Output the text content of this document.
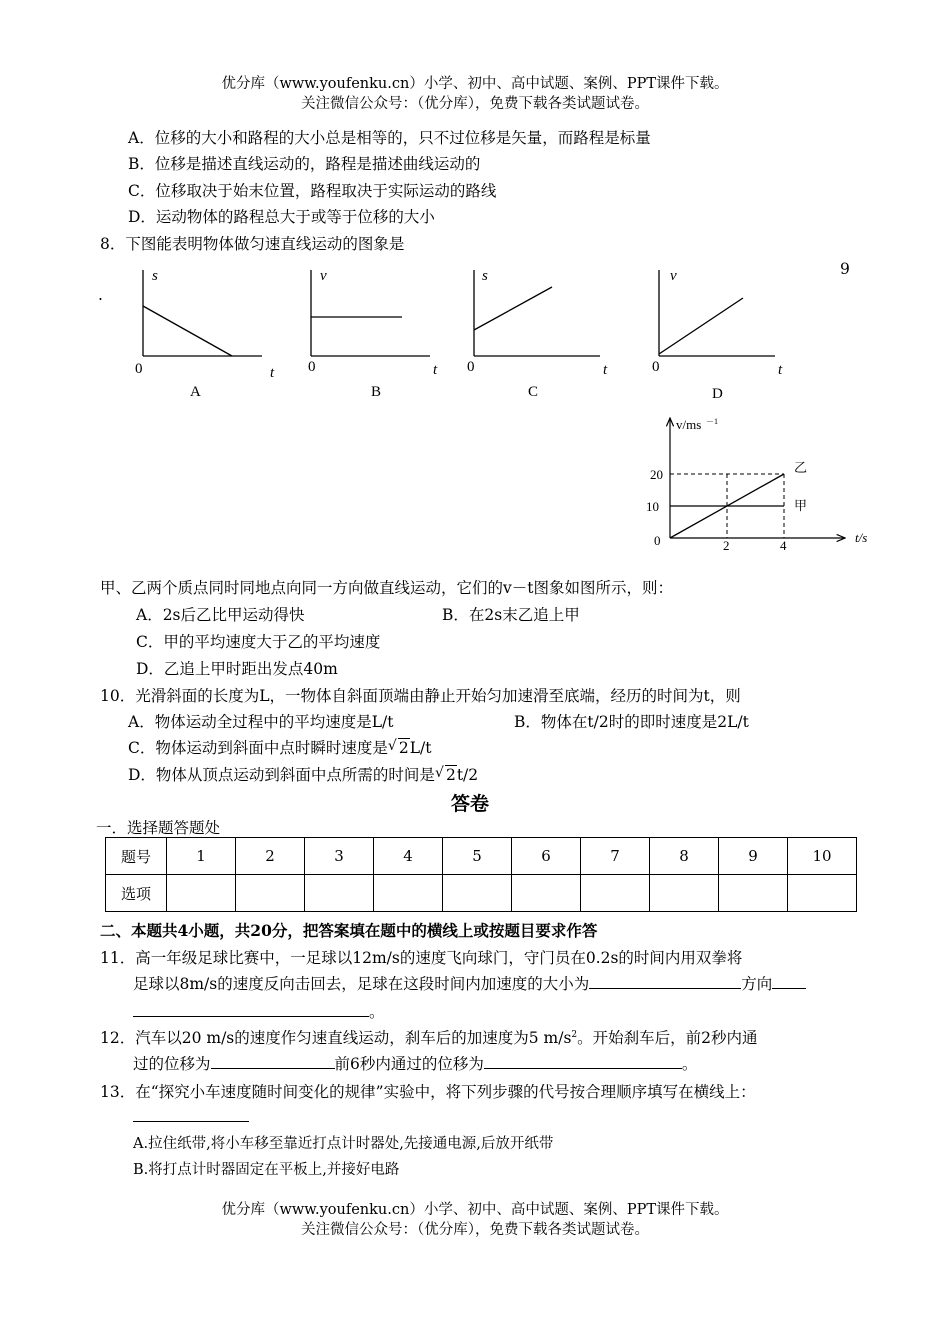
优分库（www.youfenku.cn）小学、初中、高中试题、案例、PPT课件下载。
关注微信公众号：（优分库），免费下载各类试题试卷。
A．位移的大小和路程的大小总是相等的，只不过位移是矢量，而路程是标量
B．位移是描述直线运动的，路程是描述曲线运动的
C．位移取决于始末位置，路程取决于实际运动的路线
D．运动物体的路程总大于或等于位移的大小
8．下图能表明物体做匀速直线运动的图象是
.
9
s
t
0
A
v
t
0
B
s
t
0
C
v
t
0
D
v/ms －1
t/s
20
10
0	2	4
乙
甲
甲、乙两个质点同时同地点向同一方向做直线运动，它们的v－t图象如图所示，则：
A．2s后乙比甲运动得快	B．在2s末乙追上甲
C．甲的平均速度大于乙的平均速度
D．乙追上甲时距出发点40m
10．光滑斜面的长度为L，一物体自斜面顶端由静止开始匀加速滑至底端，经历的时间为t，则
A．物体运动全过程中的平均速度是L/t	B．物体在t/2时的即时速度是2L/t
C．物体运动到斜面中点时瞬时速度是 √ 2L/t
D．物体从顶点运动到斜面中点所需的时间是 √ 2t/2
答卷
一．选择题答题处
题号	1	2	3	4	5	6	7	8	9	10
选项										
二、本题共4小题，共20分，把答案填在题中的横线上或按题目要求作答
11．高一年级足球比赛中，一足球以12m/s的速度飞向球门，守门员在0.2s的时间内用双拳将
足球以8m/s的速度反向击回去，足球在这段时间内加速度的大小为	方向
。
12．汽车以20 m/s的速度作匀速直线运动，刹车后的加速度为5 $m/s^2$。开始刹车后，前2秒内通
过的位移为	前6秒内通过的位移为	。
13．在“探究小车速度随时间变化的规律”实验中，将下列步骤的代号按合理顺序填写在横线上：
A.拉住纸带,将小车移至靠近打点计时器处,先接通电源,后放开纸带
B.将打点计时器固定在平板上,并接好电路
优分库（www.youfenku.cn）小学、初中、高中试题、案例、PPT课件下载。
关注微信公众号：（优分库），免费下载各类试题试卷。
